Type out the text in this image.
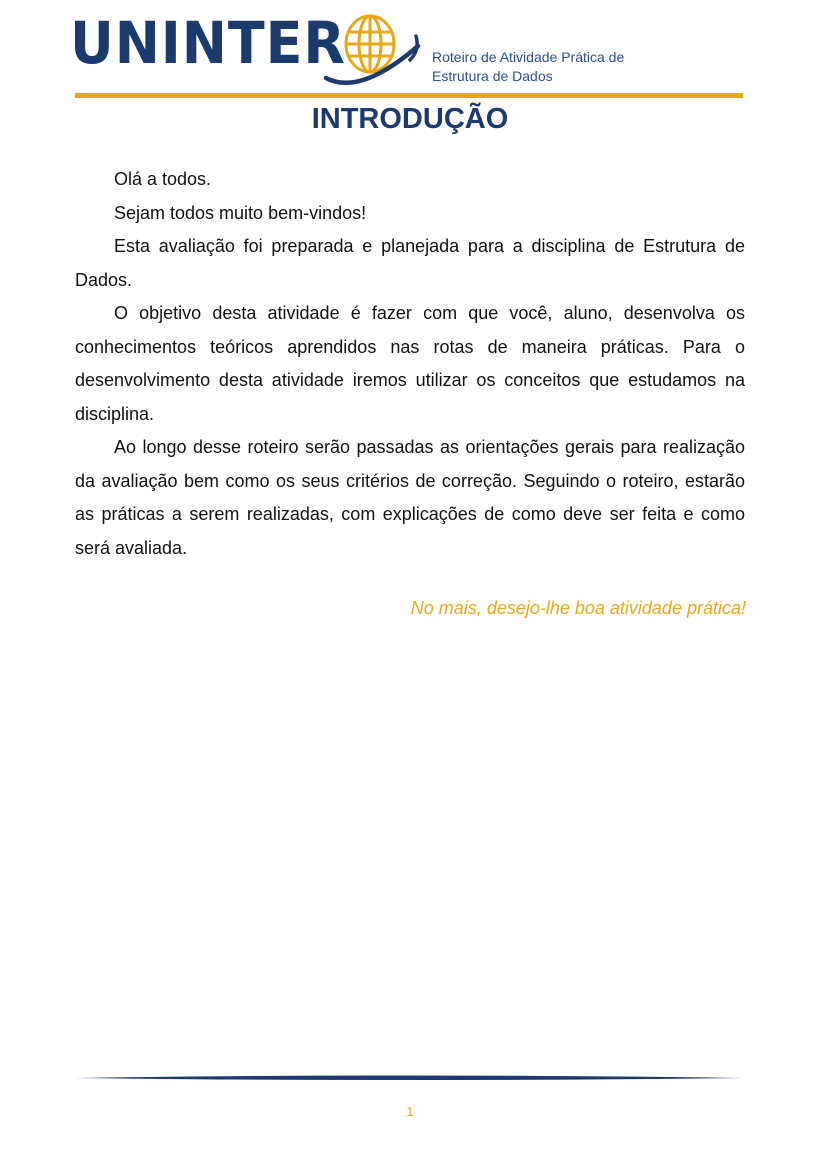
UNINTER	Roteiro de Atividade Prática de
Estrutura de Dados
INTRODUÇÃO

Olá a todos.

Sejam todos muito bem-vindos!

Esta avaliação foi preparada e planejada para a disciplina de Estrutura de Dados.

O objetivo desta atividade é fazer com que você, aluno, desenvolva os conhecimentos teóricos aprendidos nas rotas de maneira práticas. Para o desenvolvimento desta atividade iremos utilizar os conceitos que estudamos na disciplina.

Ao longo desse roteiro serão passadas as orientações gerais para realização da avaliação bem como os seus critérios de correção. Seguindo o roteiro, estarão as práticas a serem realizadas, com explicações de como deve ser feita e como será avaliada.

No mais, desejo-lhe boa atividade prática!
1
